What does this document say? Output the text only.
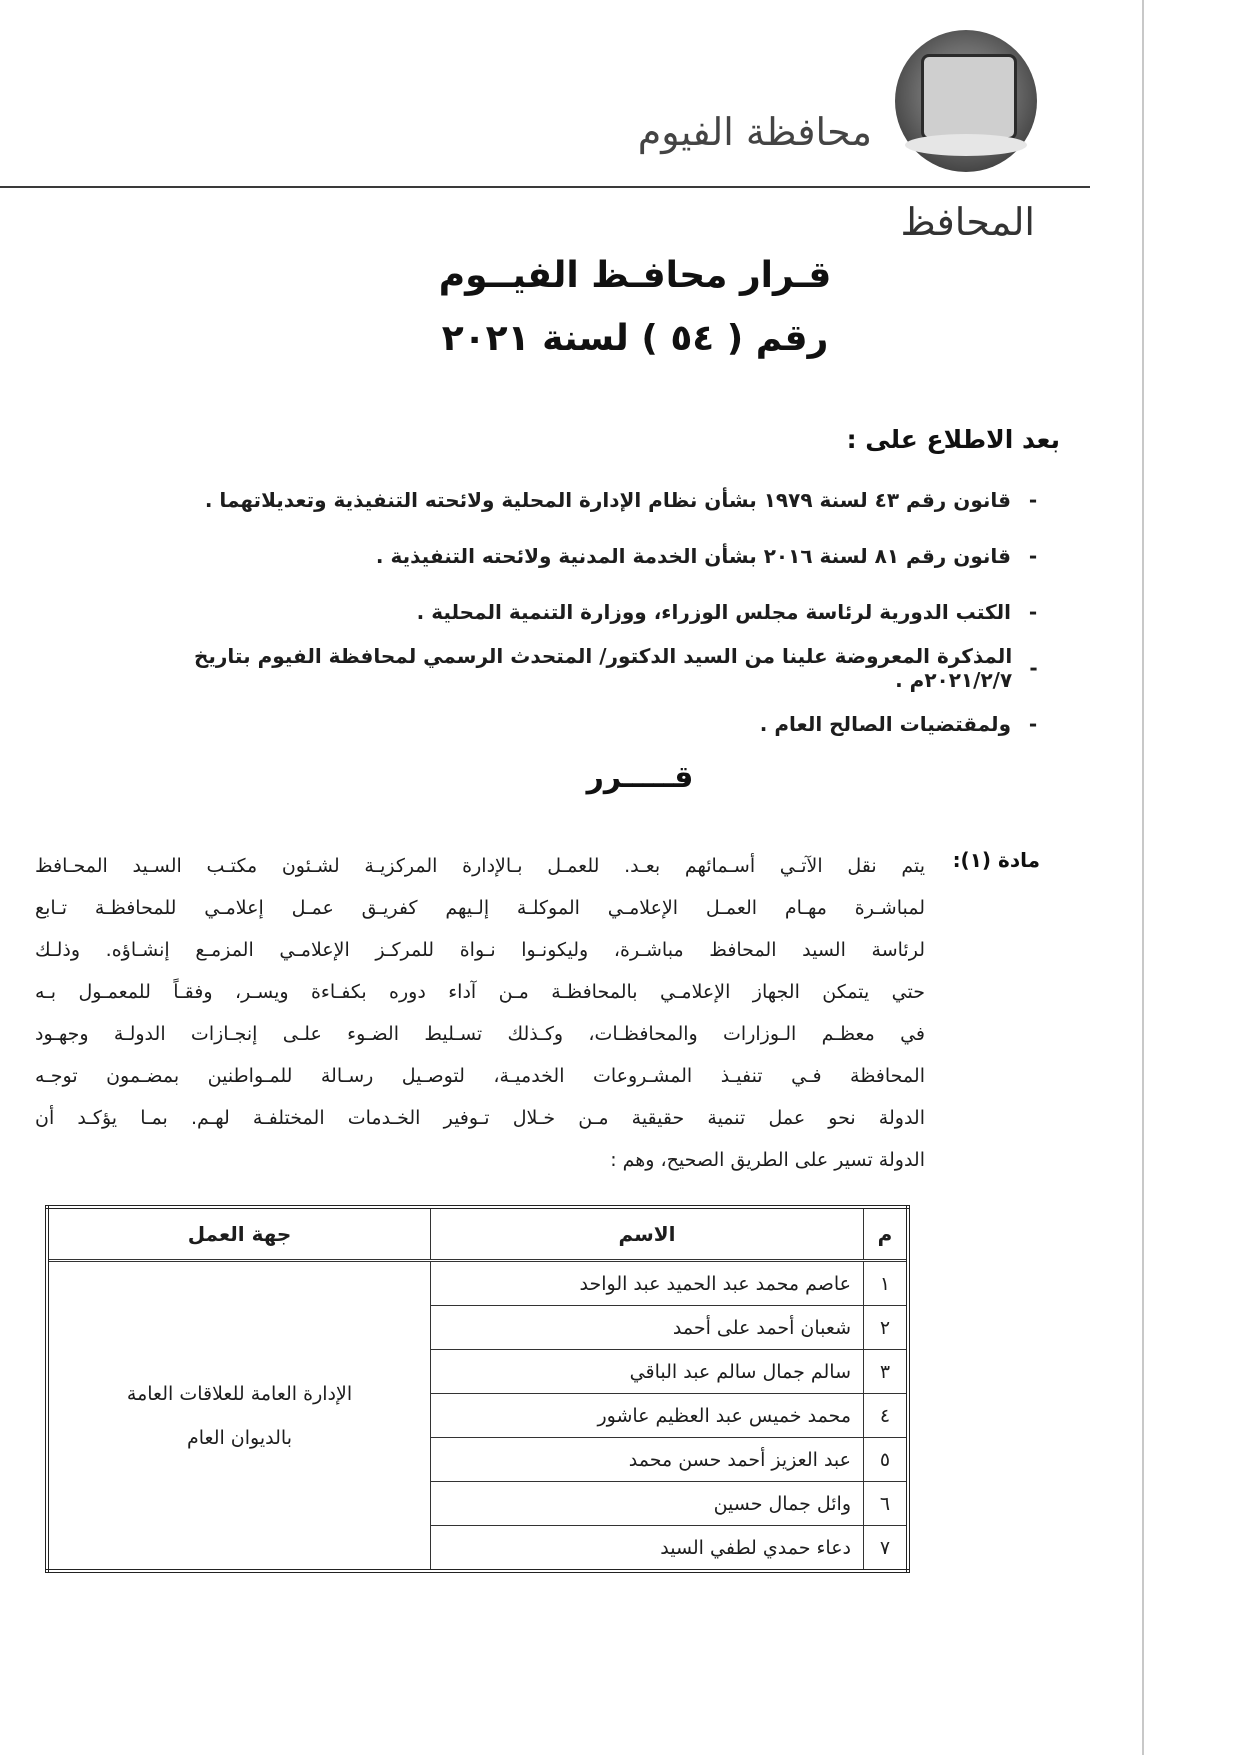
محافظة الفيوم
المحافظ
قـرار محافـظ الفيــوم
رقم ( ٥٤ ) لسنة ٢٠٢١
بعد الاطلاع على :
-
قانون رقم ٤٣ لسنة ١٩٧٩ بشأن نظام الإدارة المحلية ولائحته التنفيذية وتعديلاتهما .
-
قانون رقم ٨١ لسنة ٢٠١٦ بشأن الخدمة المدنية ولائحته التنفيذية .
-
الكتب الدورية لرئاسة مجلس الوزراء، ووزارة التنمية المحلية .
-
المذكرة المعروضة علينا من السيد الدكتور/ المتحدث الرسمي لمحافظة الفيوم بتاريخ ٢٠٢١/٢/٧م .
-
ولمقتضيات الصالح العام .
قـــــرر
مادة (١):
يتم نقل الآتـي أسـمائهم بعـد. للعمـل بـالإدارة المركزيـة لشـئون مكتـب السـيد المحـافظ
لمباشـرة مهـام العمـل الإعلامـي الموكلـة إلـيهم كفريـق عمـل إعلامـي للمحافظـة تـابع
لرئاسة السيد المحافظ مباشـرة، وليكونـوا نـواة للمركـز الإعلامـي المزمـع إنشـاؤه. وذلـك
حتي يتمكن الجهاز الإعلامـي بالمحافظـة مـن آداء دوره بكفـاءة ويسـر، وفقـاً للمعمـول بـه
في معظـم الـوزارات والمحافظـات، وكـذلك تسـليط الضـوء علـى إنجـازات الدولـة وجهـود
المحافظة فـي تنفيـذ المشـروعات الخدميـة، لتوصـيل رسـالة للمـواطنين بمضـمون توجـه
الدولة نحو عمل تنمية حقيقية مـن خـلال تـوفير الخـدمات المختلفـة لهـم. بمـا يؤكـد أن
الدولة تسير على الطريق الصحيح، وهم :
م	الاسم	جهة العمل
١	عاصم محمد عبد الحميد عبد الواحد	الإدارة العامة للعلاقات العامة
بالديوان العام

٢	شعبان أحمد على أحمد	
٣	سالم جمال سالم عبد الباقي	
٤	محمد خميس عبد العظيم عاشور	
٥	عبد العزيز أحمد حسن محمد	
٦	وائل جمال حسين	
٧	دعاء حمدي لطفي السيد	
